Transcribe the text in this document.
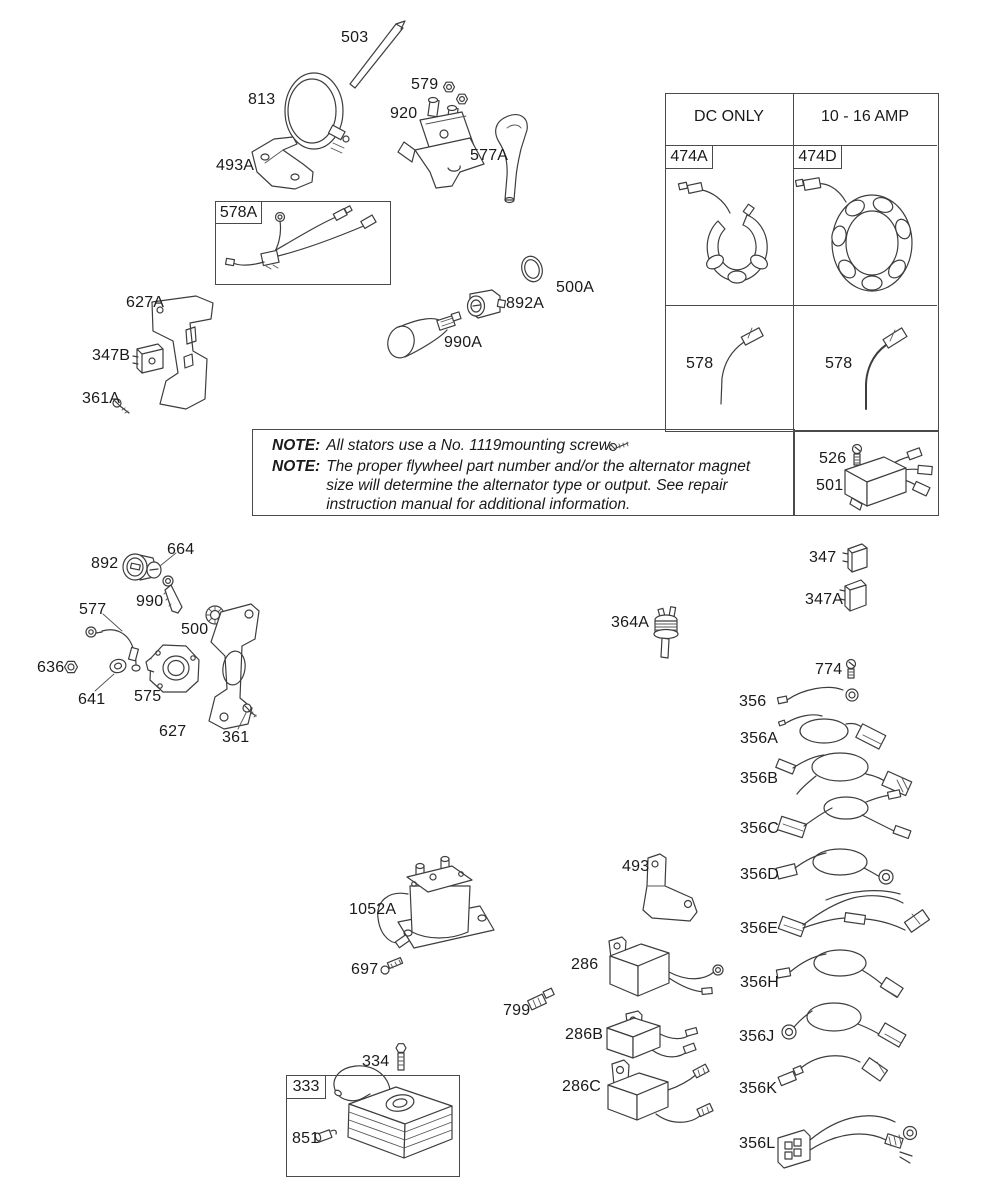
578A
DC ONLY	10 - 16 AMP
474A	474D
333
NOTE: All stators use a No. 1119mounting screw.
NOTE: The proper flywheel part number and/or the alternator magnet size will determine the alternator type or output. See repair instruction manual for additional information.
503
813
493A
579
920
577A
500A
892A
990A
627A
347B
361A
578	578
526
501
892
664
990
577
500
636
641 575
627 361
364A
347
347A
774
356
356A
356B
356C
356D
356E
356H
356J
356K
356L
493
1052A
697	286
799
286B
286C
334
851
